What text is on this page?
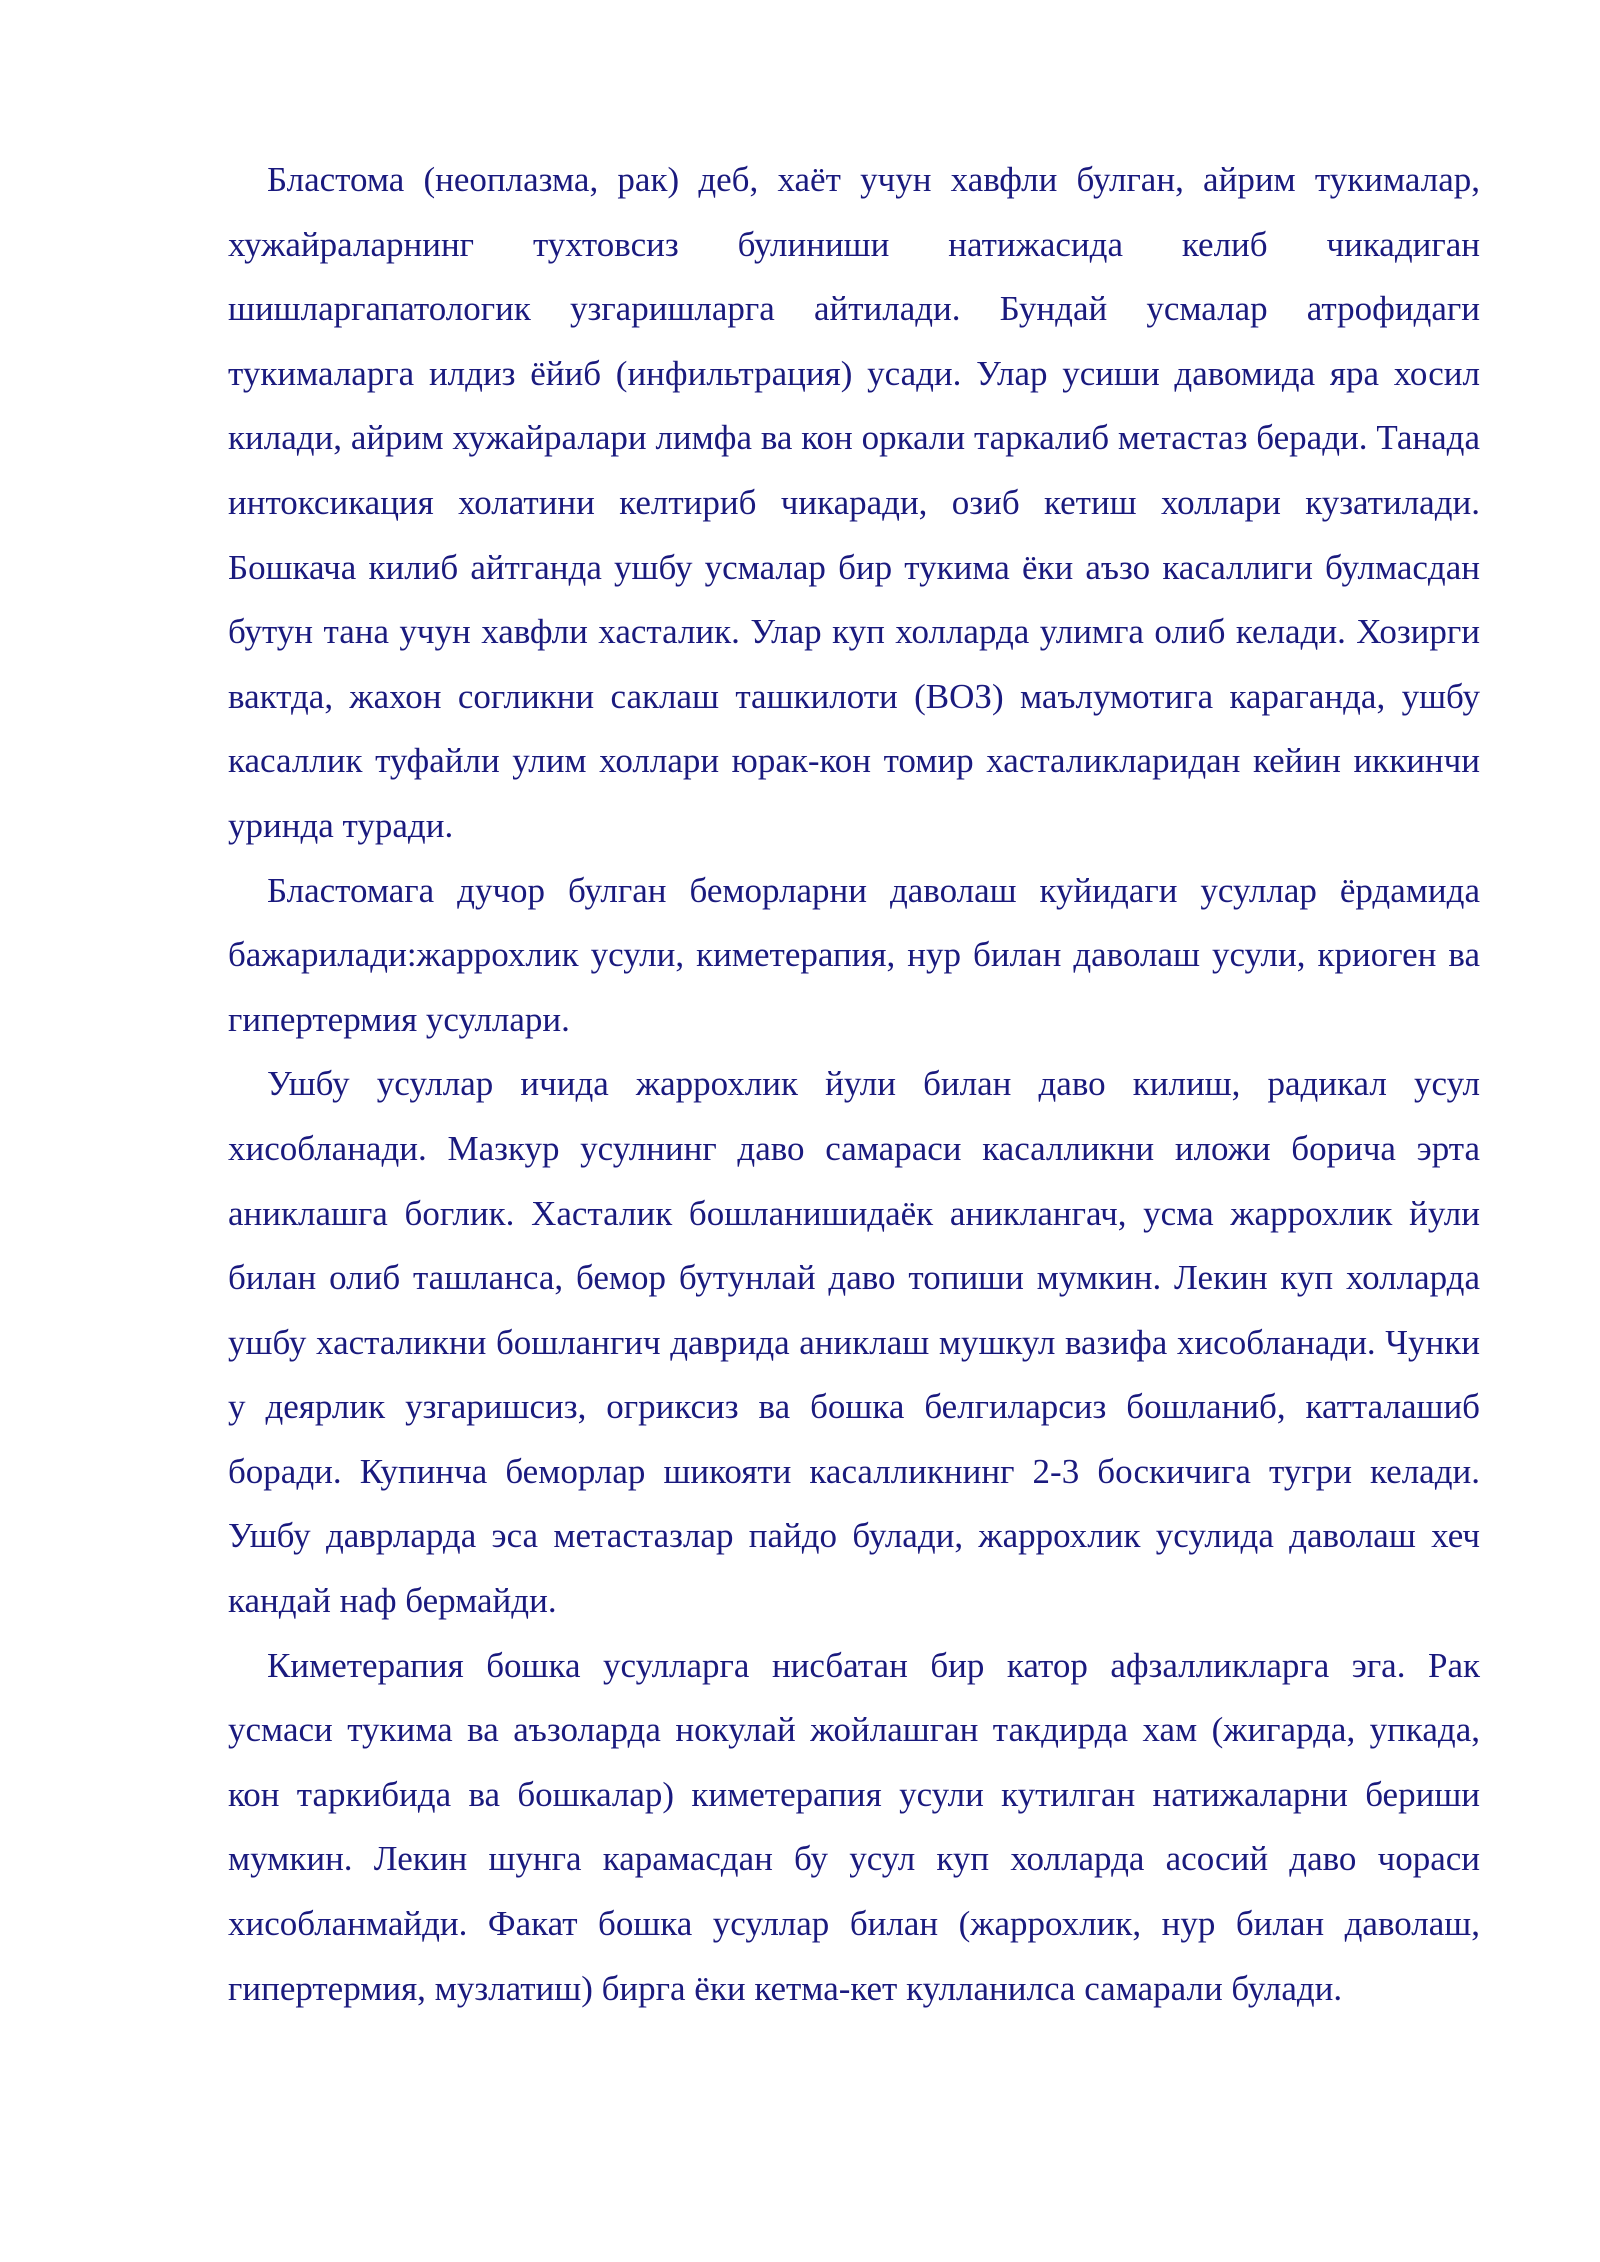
Бластома (неоплазма, рак) деб, хаёт учун хавфли булган, айрим тукималар, хужайраларнинг тухтовсиз булиниши натижасида келиб чикадиган шишларгапатологик узгаришларга айтилади. Бундай усмалар атрофидаги тукималарга илдиз ёйиб (инфильтрация) усади. Улар усиши давомида яра хосил килади, айрим хужайралари лимфа ва кон оркали таркалиб метастаз беради. Танада интоксикация холатини келтириб чикаради, озиб кетиш холлари кузатилади. Бошкача килиб айтганда ушбу усмалар бир тукима ёки аъзо касаллиги булмасдан бутун тана учун хавфли хасталик. Улар куп холларда улимга олиб келади. Хозирги вактда, жахон согликни саклаш ташкилоти (ВОЗ) маълумотига караганда, ушбу касаллик туфайли улим холлари юрак-кон томир хасталикларидан кейин иккинчи уринда туради.

Бластомага дучор булган беморларни даволаш куйидаги усуллар ёрдамида бажарилади:жаррохлик усули, киметерапия, нур билан даволаш усули, криоген ва гипертермия усуллари.

Ушбу усуллар ичида жаррохлик йули билан даво килиш, радикал усул хисобланади. Мазкур усулнинг даво самараси касалликни иложи борича эрта аниклашга боглик. Хасталик бошланишидаёк аниклангач, усма жаррохлик йули билан олиб ташланса, бемор бутунлай даво топиши мумкин. Лекин куп холларда ушбу хасталикни бошлангич даврида аниклаш мушкул вазифа хисобланади. Чунки у деярлик узгаришсиз, огриксиз ва бошка белгиларсиз бошланиб, катталашиб боради. Купинча беморлар шикояти касалликнинг 2-3 боскичига тугри келади. Ушбу даврларда эса метастазлар пайдо булади, жаррохлик усулида даволаш хеч кандай наф бермайди.

Киметерапия бошка усулларга нисбатан бир катор афзалликларга эга. Рак усмаси тукима ва аъзоларда нокулай жойлашган такдирда хам (жигарда, упкада, кон таркибида ва бошкалар) киметерапия усули кутилган натижаларни бериши мумкин. Лекин шунга карамасдан бу усул куп холларда асосий даво чораси хисобланмайди. Факат бошка усуллар билан (жаррохлик, нур билан даволаш, гипертермия, музлатиш) бирга ёки кетма-кет кулланилса самарали булади.
